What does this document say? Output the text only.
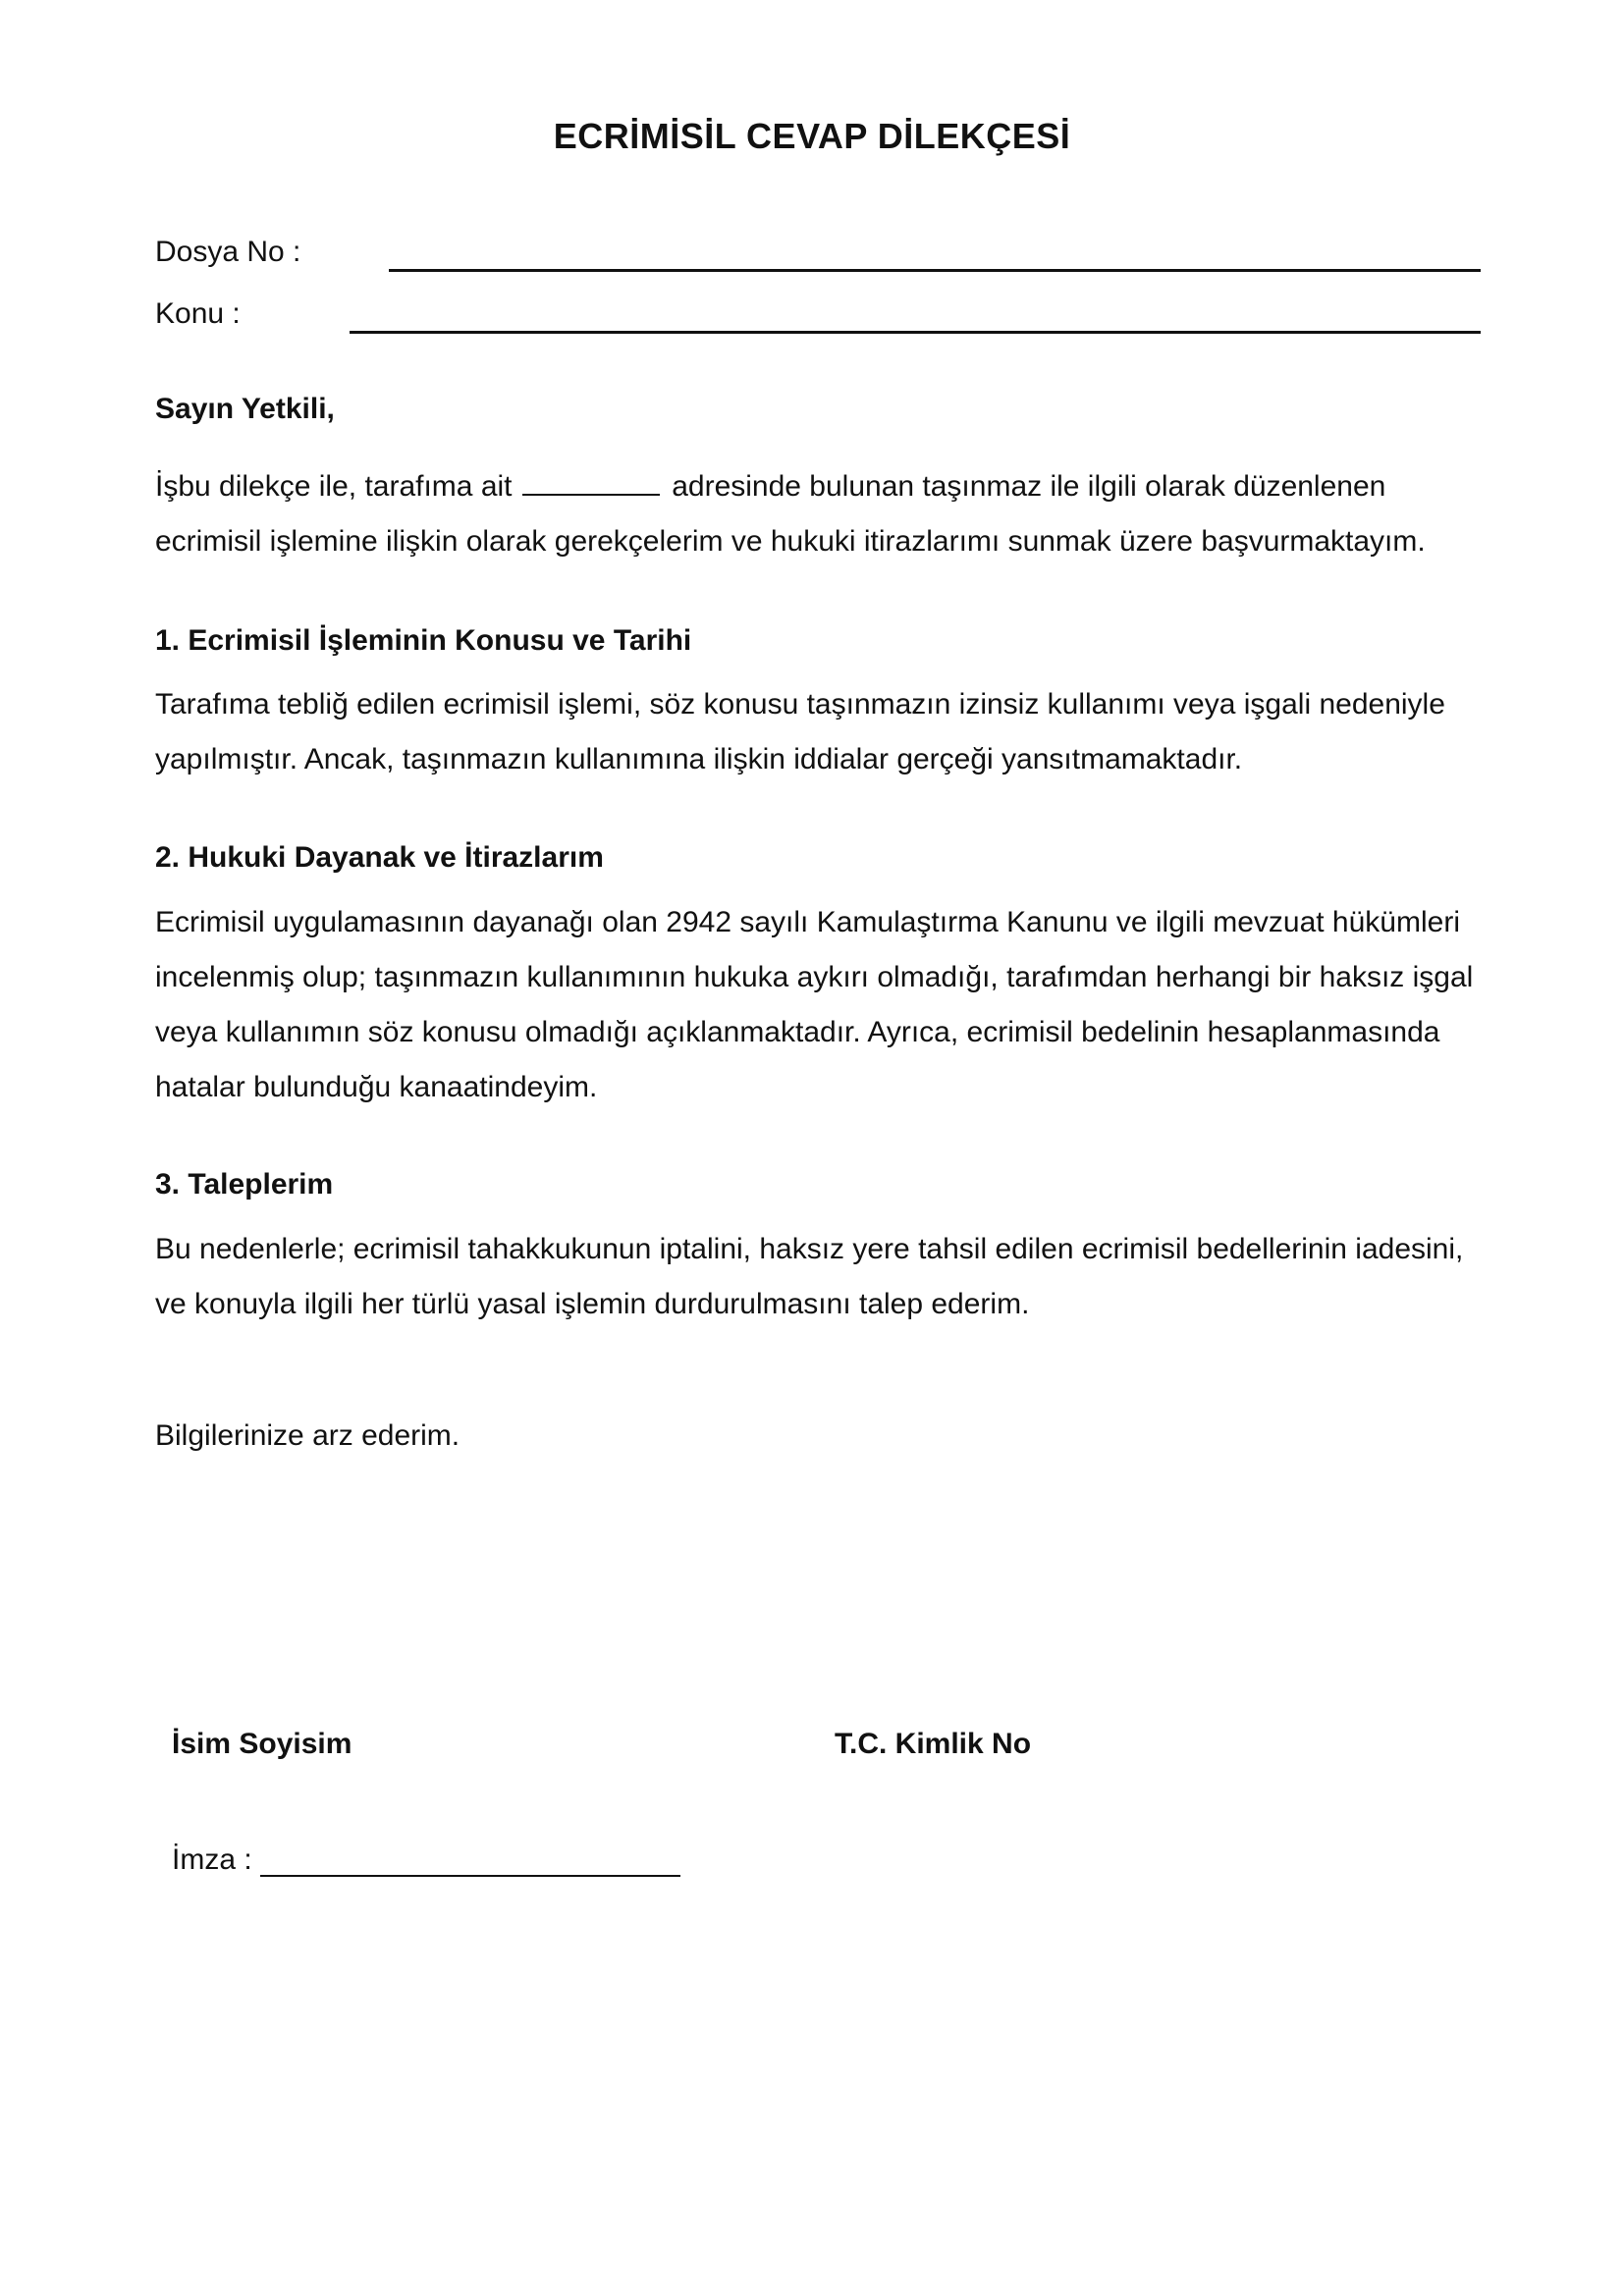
ECRİMİSİL CEVAP DİLEKÇESİ
Dosya No :
Konu :
Sayın Yetkili,
İşbu dilekçe ile, tarafıma ait	adresinde bulunan taşınmaz ile ilgili olarak düzenlenen ecrimisil işlemine ilişkin olarak gerekçelerim ve hukuki itirazlarımı sunmak üzere başvurmaktayım.
1. Ecrimisil İşleminin Konusu ve Tarihi
Tarafıma tebliğ edilen ecrimisil işlemi, söz konusu taşınmazın izinsiz kullanımı veya işgali nedeniyle yapılmıştır. Ancak, taşınmazın kullanımına ilişkin iddialar gerçeği yansıtmamaktadır.
2. Hukuki Dayanak ve İtirazlarım
Ecrimisil uygulamasının dayanağı olan 2942 sayılı Kamulaştırma Kanunu ve ilgili mevzuat hükümleri incelenmiş olup; taşınmazın kullanımının hukuka aykırı olmadığı, tarafımdan herhangi bir haksız işgal veya kullanımın söz konusu olmadığı açıklanmaktadır. Ayrıca, ecrimisil bedelinin hesaplanmasında hatalar bulunduğu kanaatindeyim.
3. Taleplerim
Bu nedenlerle; ecrimisil tahakkukunun iptalini, haksız yere tahsil edilen ecrimisil bedellerinin iadesini, ve konuyla ilgili her türlü yasal işlemin durdurulmasını talep ederim.
Bilgilerinize arz ederim.
İsim Soyisim	T.C. Kimlik No
İmza :
